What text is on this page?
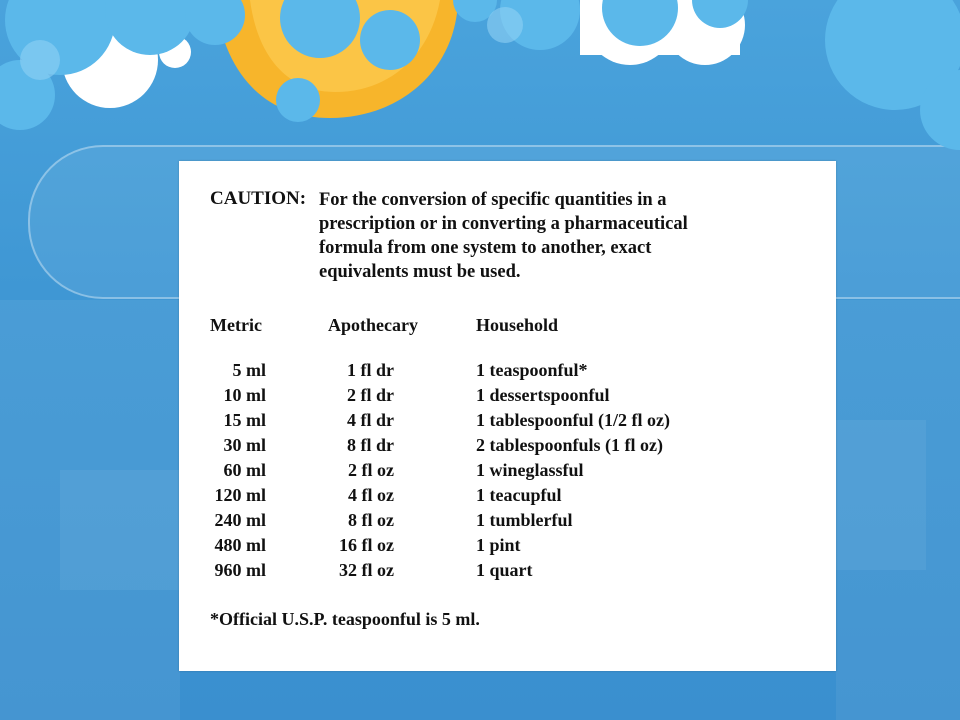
CAUTION: For the conversion of specific quantities in a prescription or in converting a pharmaceutical formula from one system to another, exact equivalents must be used.
Metric	Apothecary	Household
5 ml	1 fl dr	1 teaspoonful*
10 ml	2 fl dr	1 dessertspoonful
15 ml	4 fl dr	1 tablespoonful (1/2 fl oz)
30 ml	8 fl dr	2 tablespoonfuls (1 fl oz)
60 ml	2 fl oz	1 wineglassful
120 ml	4 fl oz	1 teacupful
240 ml	8 fl oz	1 tumblerful
480 ml	16 fl oz	1 pint
960 ml	32 fl oz	1 quart
*Official U.S.P. teaspoonful is 5 ml.
